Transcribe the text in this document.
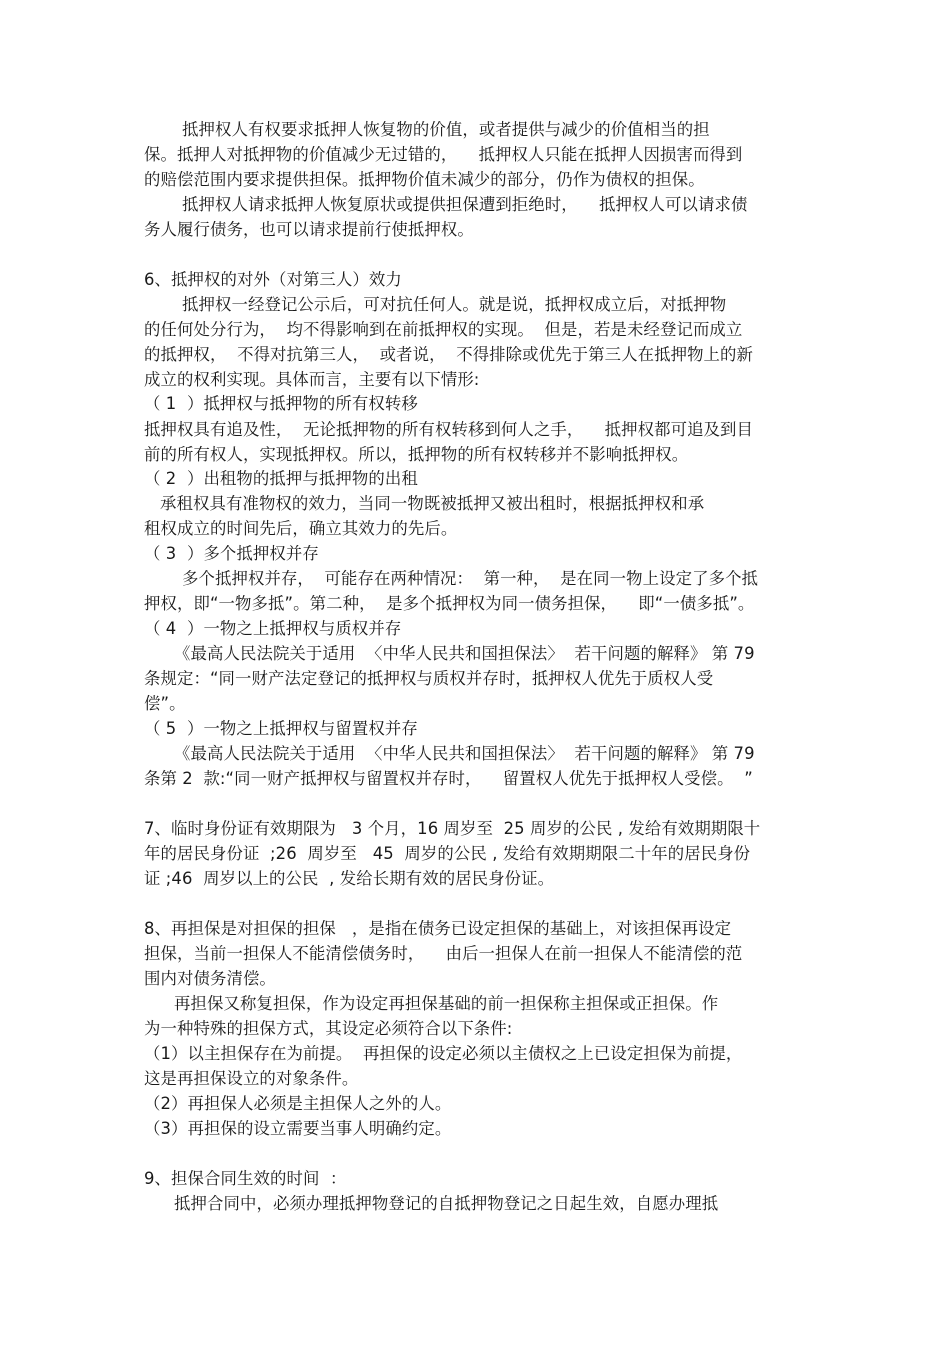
抵押权人有权要求抵押人恢复物的价值，或者提供与减少的价值相当的担
保。抵押人对抵押物的价值减少无过错的，    抵押权人只能在抵押人因损害而得到
的赔偿范围内要求提供担保。抵押物价值未减少的部分，仍作为债权的担保。
抵押权人请求抵押人恢复原状或提供担保遭到拒绝时，    抵押权人可以请求债
务人履行债务，也可以请求提前行使抵押权。
6、抵押权的对外（对第三人）效力
抵押权一经登记公示后，可对抗任何人。就是说，抵押权成立后，对抵押物
的任何处分行为，  均不得影响到在前抵押权的实现。  但是，若是未经登记而成立
的抵押权，  不得对抗第三人，  或者说，  不得排除或优先于第三人在抵押物上的新
成立的权利实现。具体而言，主要有以下情形:
（ 1  ）抵押权与抵押物的所有权转移
抵押权具有追及性，  无论抵押物的所有权转移到何人之手，    抵押权都可追及到目
前的所有权人，实现抵押权。所以，抵押物的所有权转移并不影响抵押权。
（ 2  ）出租物的抵押与抵押物的出租
承租权具有准物权的效力，当同一物既被抵押又被出租时，根据抵押权和承
租权成立的时间先后，确立其效力的先后。
（ 3  ）多个抵押权并存
多个抵押权并存，  可能存在两种情况：  第一种，  是在同一物上设定了多个抵
押权，即“一物多抵”。第二种，  是多个抵押权为同一债务担保，    即“一债多抵”。
（ 4  ）一物之上抵押权与质权并存
《最高人民法院关于适用  〈中华人民共和国担保法〉  若干问题的解释》 第 79
条规定：“同一财产法定登记的抵押权与质权并存时，抵押权人优先于质权人受
偿”。
（ 5  ）一物之上抵押权与留置权并存
《最高人民法院关于适用  〈中华人民共和国担保法〉  若干问题的解释》 第 79
条第 2  款:“同一财产抵押权与留置权并存时，    留置权人优先于抵押权人受偿。  ”
7、临时身份证有效期限为   3 个月，16 周岁至  25 周岁的公民 , 发给有效期期限十
年的居民身份证  ;26  周岁至   45  周岁的公民 , 发给有效期期限二十年的居民身份
证 ;46  周岁以上的公民  , 发给长期有效的居民身份证。
8、再担保是对担保的担保   ，是指在债务已设定担保的基础上，对该担保再设定
担保，当前一担保人不能清偿债务时，    由后一担保人在前一担保人不能清偿的范
围内对债务清偿。
再担保又称复担保，作为设定再担保基础的前一担保称主担保或正担保。作
为一种特殊的担保方式，其设定必须符合以下条件:
（1）以主担保存在为前提。  再担保的设定必须以主债权之上已设定担保为前提，
这是再担保设立的对象条件。
（2）再担保人必须是主担保人之外的人。
（3）再担保的设立需要当事人明确约定。
9、担保合同生效的时间  ：
抵押合同中，必须办理抵押物登记的自抵押物登记之日起生效，自愿办理抵
